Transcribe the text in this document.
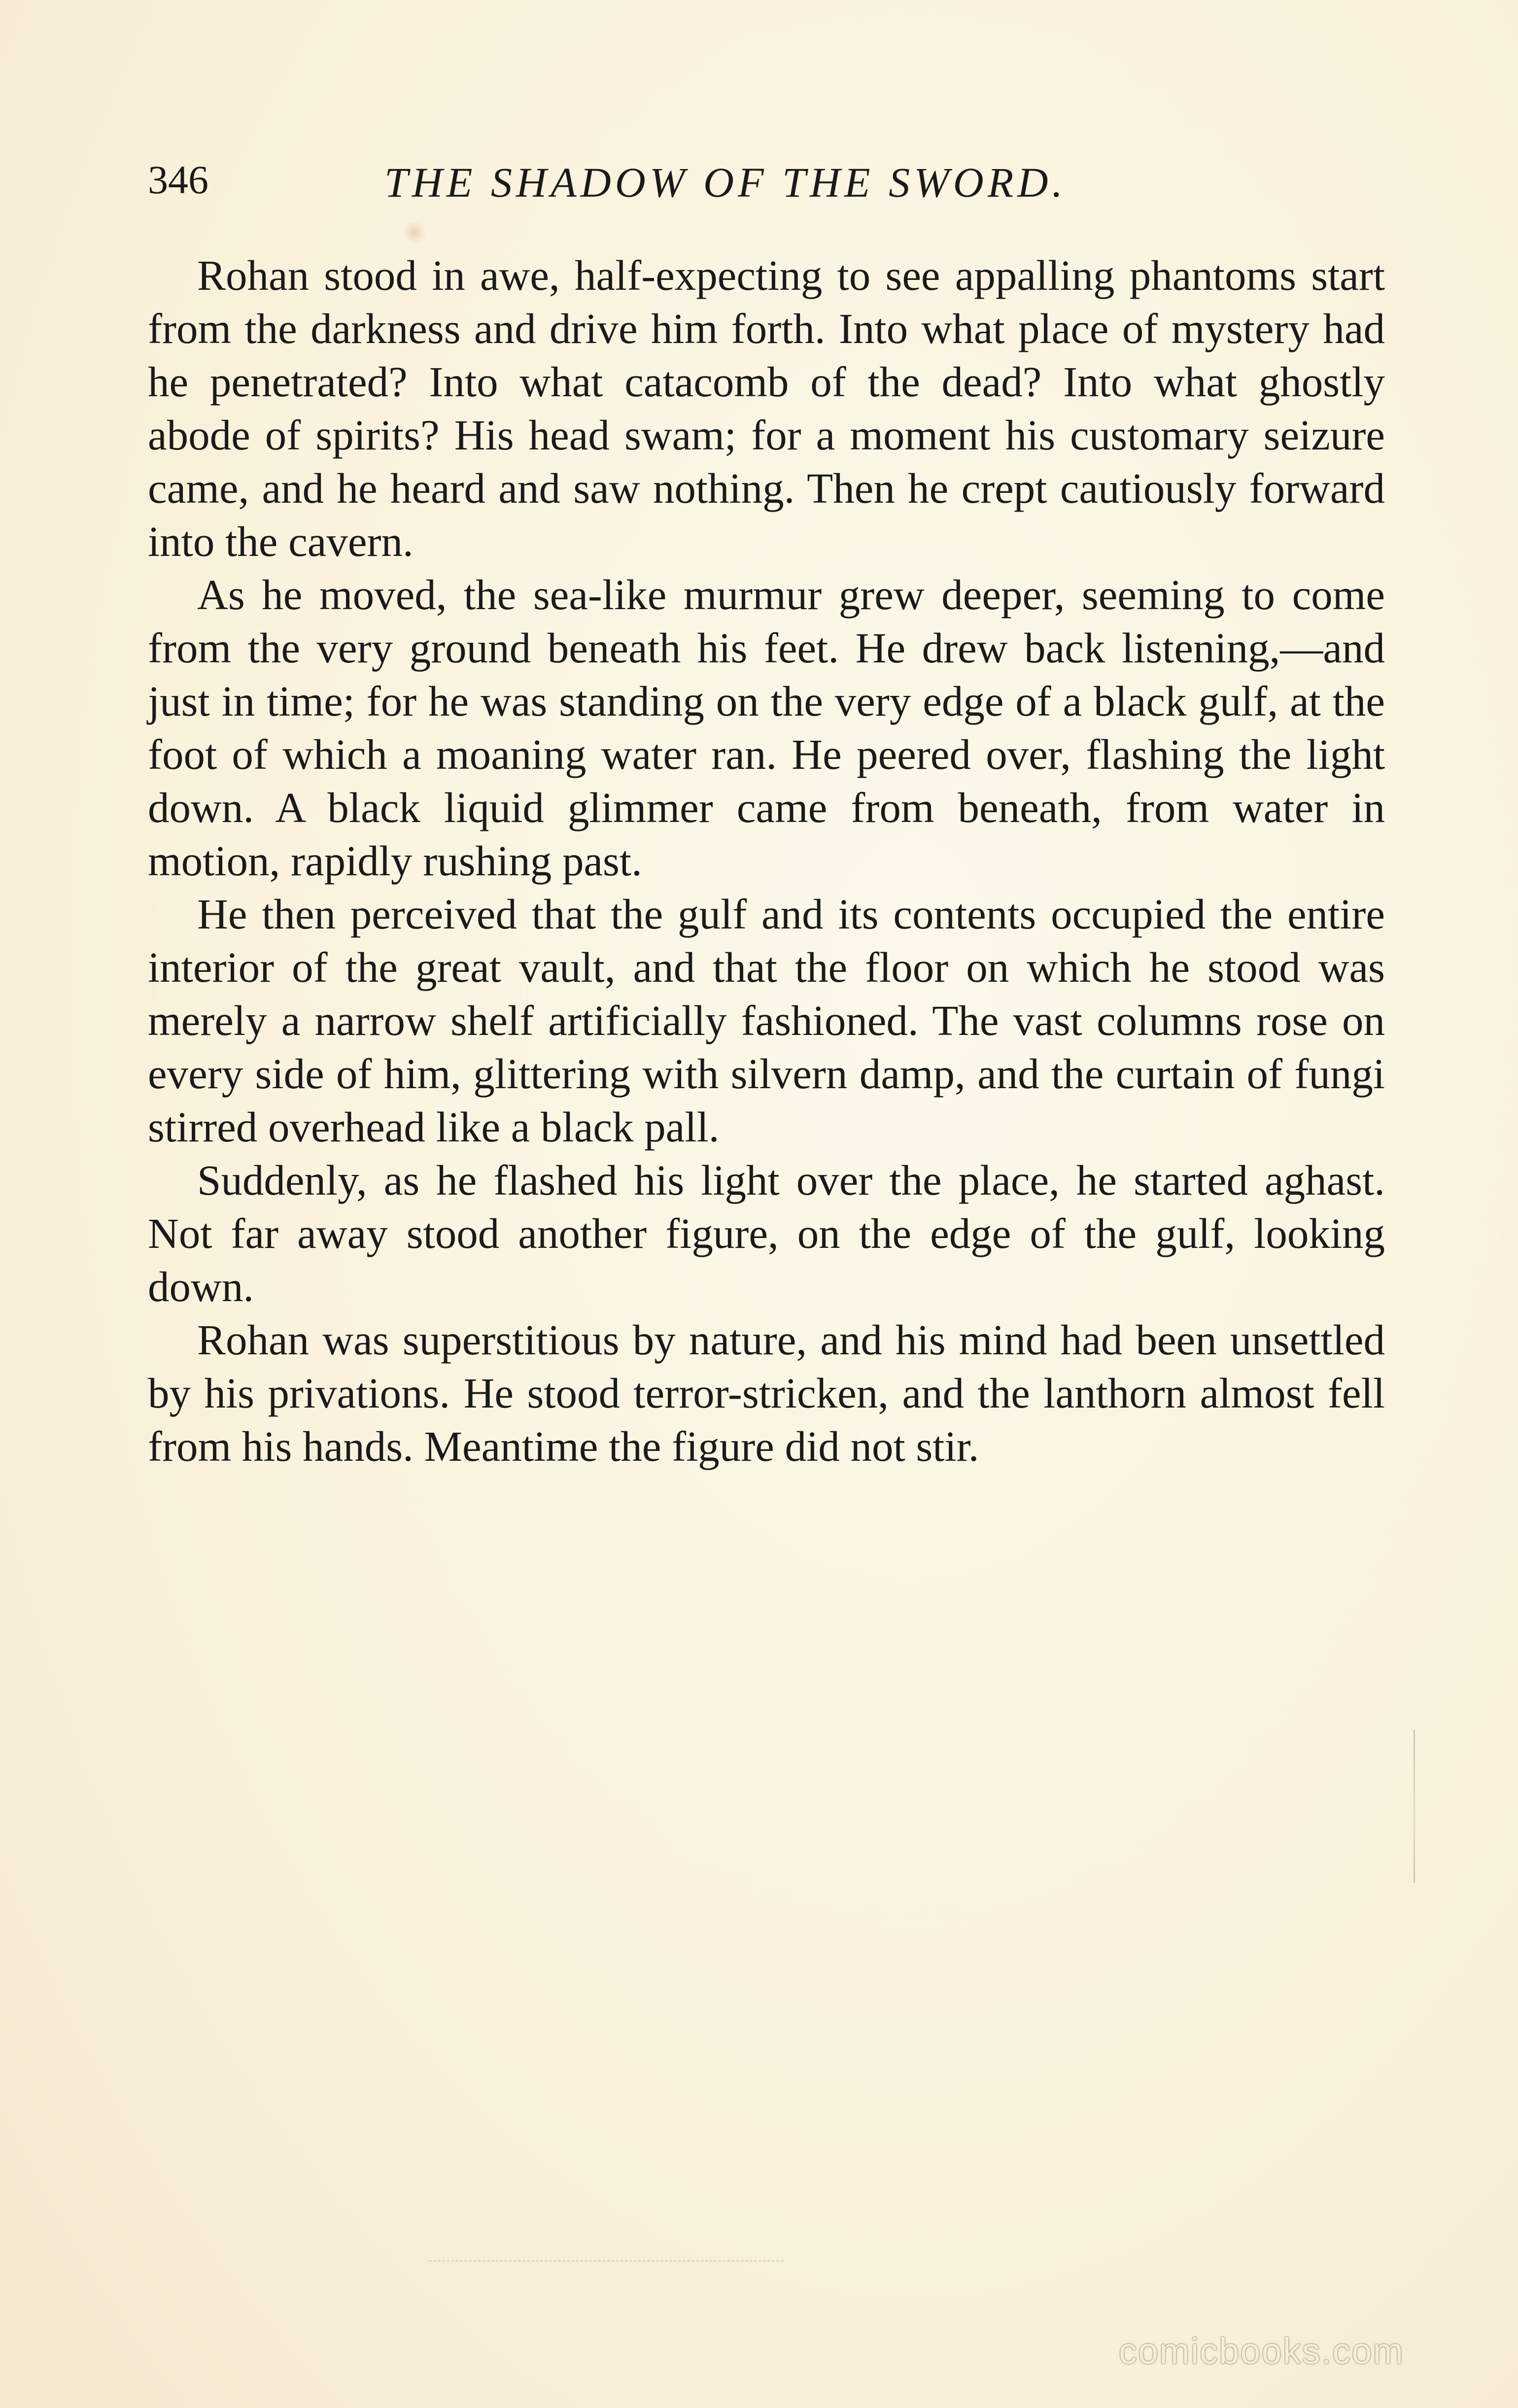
346	THE SHADOW OF THE SWORD.

Rohan stood in awe, half-expecting to see appalling phantoms start from the darkness and drive him forth. Into what place of mystery had he penetrated? Into what catacomb of the dead? Into what ghostly abode of spirits? His head swam; for a moment his customary seizure came, and he heard and saw nothing. Then he crept cautiously forward into the cavern.

As he moved, the sea-like murmur grew deeper, seeming to come from the very ground beneath his feet. He drew back listening,—and just in time; for he was standing on the very edge of a black gulf, at the foot of which a moaning water ran. He peered over, flashing the light down. A black liquid glimmer came from beneath, from water in motion, rapidly rushing past.

He then perceived that the gulf and its contents occupied the entire interior of the great vault, and that the floor on which he stood was merely a narrow shelf artificially fashioned. The vast columns rose on every side of him, glittering with silvern damp, and the curtain of fungi stirred overhead like a black pall.

Suddenly, as he flashed his light over the place, he started aghast. Not far away stood another figure, on the edge of the gulf, looking down.

Rohan was superstitious by nature, and his mind had been unsettled by his privations. He stood terror-stricken, and the lanthorn almost fell from his hands. Meantime the figure did not stir.

comicbooks.com
